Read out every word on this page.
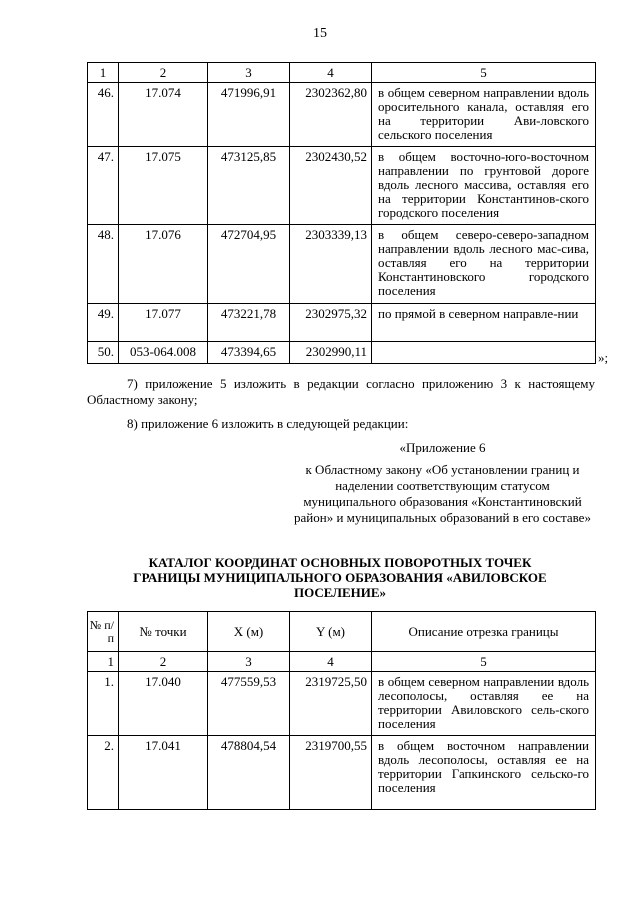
15
1	2	3	4	5
46.	17.074	471996,91	2302362,80	в общем северном направлении вдоль оросительного канала, оставляя его на территории Ави-ловского сельского поселения
47.	17.075	473125,85	2302430,52	в общем восточно-юго-восточном направлении по грунтовой дороге вдоль лесного массива, оставляя его на территории Константинов-ского городского поселения
48.	17.076	472704,95	2303339,13	в общем северо-северо-западном направлении вдоль лесного мас-сива, оставляя его на территории Константиновского городского поселения
49.	17.077	473221,78	2302975,32	по прямой в северном направле-нии
50.	053-064.008	473394,65	2302990,11		»;
7) приложение 5 изложить в редакции согласно приложению 3 к настоящему Областному закону;
8) приложение 6 изложить в следующей редакции:
«Приложение 6
к Областному закону «Об установлении границ и наделении соответствующим статусом муниципального образования «Константиновский район» и муниципальных образований в его составе»
КАТАЛОГ КООРДИНАТ ОСНОВНЫХ ПОВОРОТНЫХ ТОЧЕК ГРАНИЦЫ МУНИЦИПАЛЬНОГО ОБРАЗОВАНИЯ «АВИЛОВСКОЕ ПОСЕЛЕНИЕ»
№ п/п	№ точки	X (м)	Y (м)	Описание отрезка границы
1	2	3	4	5
1.	17.040	477559,53	2319725,50	в общем северном направлении вдоль лесополосы, оставляя ее на территории Авиловского сель-ского поселения
2.	17.041	478804,54	2319700,55	в общем восточном направлении вдоль лесополосы, оставляя ее на территории Гапкинского сельско-го поселения
